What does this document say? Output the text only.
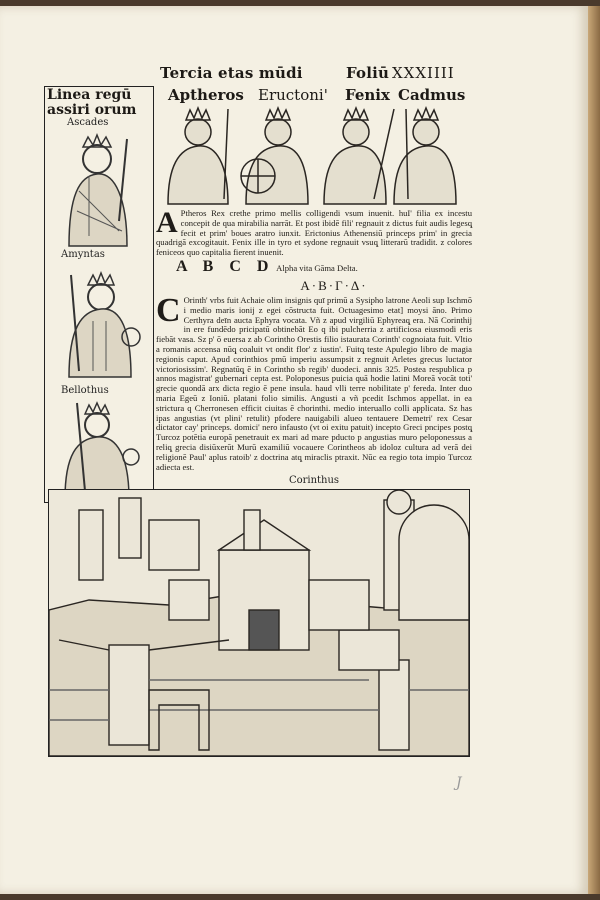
Tercia etas mūdi	Foliū XXXIIII
Linea regū assiri orum
Ascades
Amyntas
Bellothus
Aptheros Eructoni' Fenix Cadmus

A Ptheros Rex crethe primo mellis colligendi vsum inuenit. huI' filia ex incestu concepit de qua mirabilia narrāt. Et post ibidē fili' regnauit z dictus fuit audis legesq̨ fecit et prim' boues aratro iunxit. Erictonius Athenensiū princeps prim' in grecia quadrigā excogitauit. Fenix ille in tyro et sydone regnauit vsuq̨ litterarū tradidit. z colores feniceos quo capitalia fierent inuenit.

A B C D Alpha vita Gāma Delta.

Α·Β·Γ·Δ·

C Orinth' vrbs fuit Achaie olim insignis quī primū a Sysipho latrone Aeoli sup Ischmō i medio maris ionij z egei cōstructa fuit. Octuagesimo etat] moysi āno. Primo Certhyra deīn aucta Ephyra vocata. Vñ z apud virgiliū Ephyreaq̨ era. Nā Corinthij in ere fundēdo pricipatū obtinebāt Eo q ibi pulcherria z artificiosa eiusmodi eris fiebāt vasa. Sz p' ō euersa z ab Corintho Orestis filio istaurata Corinth' cognoiata fuit. Vltio a romanis accensa nūq̨ coaluit vt ondit flor' z iustin'. Fuitq̨ teste Apulegio libro de magia regionis caput. Apud corinthios pmū imperiu assumpsit z regnuit Arletes grecus luctator victoriosissim'. Regnatūq̨ ē in Corintho sb regib' duodeci. annis 325. Postea respublica p annos magistrat' gubernari cepta est. Poloponesus puicia quā hodie latini Moreā vocāt toti' grecie quondā arx dicta regio ē pene insula. haud vlli terre nobilitate p' fereda. Inter duo maria Egeū z Ioniū. platani folio similis. Angusti a vñ pcedit Ischmos appellat. in ea strictura q Cherronesen efficit ciuitas ē chorinthi. medio interuallo colli applicata. Sz has ipas angustias (vt plini' retulit) pfodere nauigabili alueo tentauere Demetri' rex Cesar dictator cay' princeps. domici' nero infausto (vt oi exitu patuit) incepto Greci pncipes postq̨ Turcoz potētia europā penetrauit ex mari ad mare pducto p angustias muro peloponessus a reliq̨ grecia disiūxerūt Murū examiliū vocauere Corintheos ab idoloz cultura ad verā dei religionē Paul' aplus ratoib' z doctrina atq̨ miraclis ptraxit. Nūc ea regio tota impio Turcoz adiecta est.

Corinthus
J
